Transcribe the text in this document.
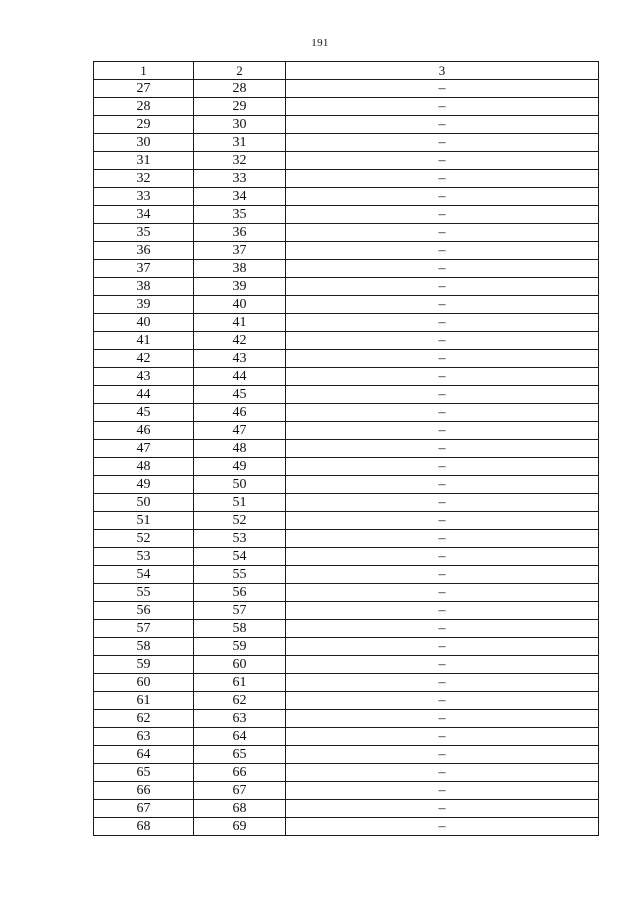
191
1	2	3
27	28	–
28	29	–
29	30	–
30	31	–
31	32	–
32	33	–
33	34	–
34	35	–
35	36	–
36	37	–
37	38	–
38	39	–
39	40	–
40	41	–
41	42	–
42	43	–
43	44	–
44	45	–
45	46	–
46	47	–
47	48	–
48	49	–
49	50	–
50	51	–
51	52	–
52	53	–
53	54	–
54	55	–
55	56	–
56	57	–
57	58	–
58	59	–
59	60	–
60	61	–
61	62	–
62	63	–
63	64	–
64	65	–
65	66	–
66	67	–
67	68	–
68	69	–
